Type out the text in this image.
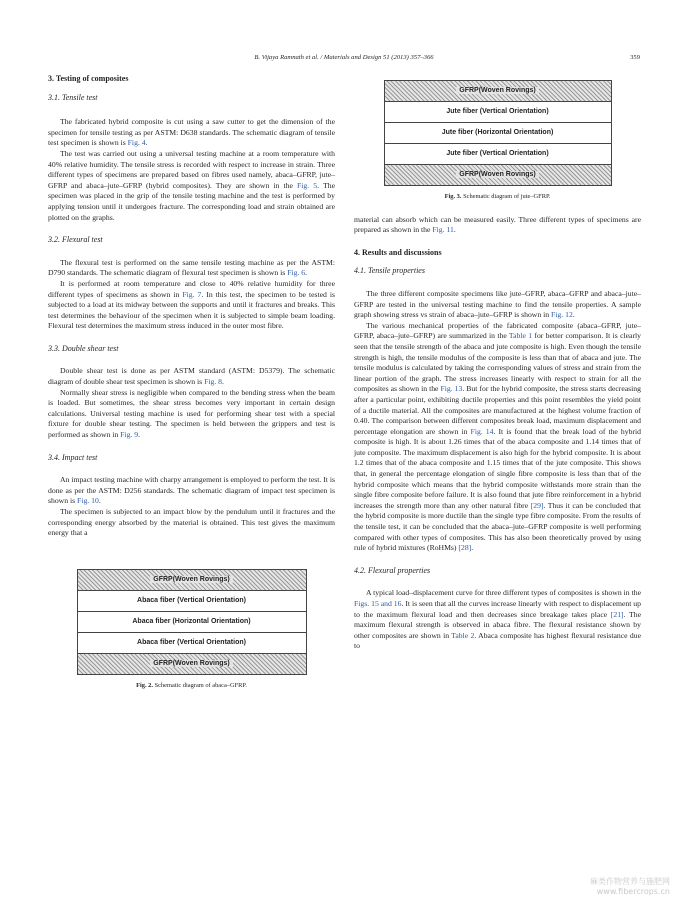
B. Vijaya Ramnath et al. / Materials and Design 51 (2013) 357–366	359
3. Testing of composites
3.1. Tensile test

The fabricated hybrid composite is cut using a saw cutter to get the dimension of the specimen for tensile testing as per ASTM: D638 standards. The schematic diagram of tensile test specimen is shown is Fig. 4.

The test was carried out using a universal testing machine at a room temperature with 40% relative humidity. The tensile stress is recorded with respect to increase in strain. Three different types of specimens are prepared based on fibres used namely, abaca–GFRP, jute–GFRP and abaca–jute–GFRP (hybrid composites). They are shown in the Fig. 5. The specimen was placed in the grip of the tensile testing machine and the test is performed by applying tension until it undergoes fracture. The corresponding load and strain obtained are plotted on the graphs.

3.2. Flexural test

The flexural test is performed on the same tensile testing machine as per the ASTM: D790 standards. The schematic diagram of flexural test specimen is shown is Fig. 6.

It is performed at room temperature and close to 40% relative humidity for three different types of specimens as shown in Fig. 7. In this test, the specimen to be tested is subjected to a load at its midway between the supports and until it fractures and breaks. This test determines the behaviour of the specimen when it is subjected to simple beam loading. Flexural test determines the maximum stress induced in the outer most fibre.

3.3. Double shear test

Double shear test is done as per ASTM standard (ASTM: D5379). The schematic diagram of double shear test specimen is shown is Fig. 8.

Normally shear stress is negligible when compared to the bending stress when the beam is loaded. But sometimes, the shear stress becomes very important in certain design calculations. Universal testing machine is used for performing shear test with a special fixture for double shear testing. The specimen is held between the grippers and test is performed as shown in Fig. 9.

3.4. Impact test

An impact testing machine with charpy arrangement is employed to perform the test. It is done as per the ASTM: D256 standards. The schematic diagram of impact test specimen is shown is Fig. 10.

The specimen is subjected to an impact blow by the pendulum until it fractures and the corresponding energy absorbed by the material is obtained. This test gives the maximum energy that a

GFRP(Woven Rovings)
Abaca fiber (Vertical Orientation)
Abaca fiber (Horizontal Orientation)
Abaca fiber (Vertical Orientation)
GFRP(Woven Rovings)
Fig. 2. Schematic diagram of abaca–GFRP.
GFRP(Woven Rovings)
Jute fiber (Vertical Orientation)
Jute fiber (Horizontal Orientation)
Jute fiber (Vertical Orientation)
GFRP(Woven Rovings)
Fig. 3. Schematic diagram of jute–GFRP.

material can absorb which can be measured easily. Three different types of specimens are prepared as shown in the Fig. 11.

4. Results and discussions
4.1. Tensile properties

The three different composite specimens like jute–GFRP, abaca–GFRP and abaca–jute–GFRP are tested in the universal testing machine to find the tensile properties. A sample graph showing stress vs strain of abaca–jute–GFRP is shown in Fig. 12.

The various mechanical properties of the fabricated composite (abaca–GFRP, jute–GFRP, abaca–jute–GFRP) are summarized in the Table 1 for better comparison. It is clearly seen that the tensile strength of the abaca and jute composite is high. Even though the tensile strength is high, the tensile modulus of the composite is less than that of abaca and jute. The tensile modulus is calculated by taking the corresponding values of stress and strain from the linear portion of the graph. The stress increases linearly with respect to strain for all the composites as shown in the Fig. 13. But for the hybrid composite, the stress starts decreasing after a particular point, exhibiting ductile properties and this point resembles the yield point of a ductile material. All the composites are manufactured at the highest volume fraction of 0.40. The comparison between different composites break load, maximum displacement and percentage elongation are shown in Fig. 14. It is found that the break load of the hybrid composite is high. It is about 1.26 times that of the abaca composite and 1.14 times that of jute composite. The maximum displacement is also high for the hybrid composite. It is about 1.2 times that of the abaca composite and 1.15 times that of the jute composite. This shows that, in general the percentage elongation of single fibre composite is less than that of the hybrid composite which means that the hybrid composite withstands more strain than the single fibre composite before failure. It is also found that jute fibre reinforcement in a hybrid increases the strength more than any other natural fibre [29]. Thus it can be concluded that the hybrid composite is more ductile than the single type fibre composite. From the results of the tensile test, it can be concluded that the abaca–jute–GFRP composite is well performing compared with other types of composites. This has also been theoretically proved by using rule of hybrid mixtures (RoHMs) [28].

4.2. Flexural properties

A typical load–displacement curve for three different types of composites is shown in the Figs. 15 and 16. It is seen that all the curves increase linearly with respect to displacement up to the maximum flexural load and then decreases since breakage takes place [21]. The maximum flexural strength is observed in abaca fibre. The flexural resistance shown by other composites are shown in Table 2. Abaca composite has highest flexural resistance due to

麻类作物营养与施肥网
www.fibercrops.cn
